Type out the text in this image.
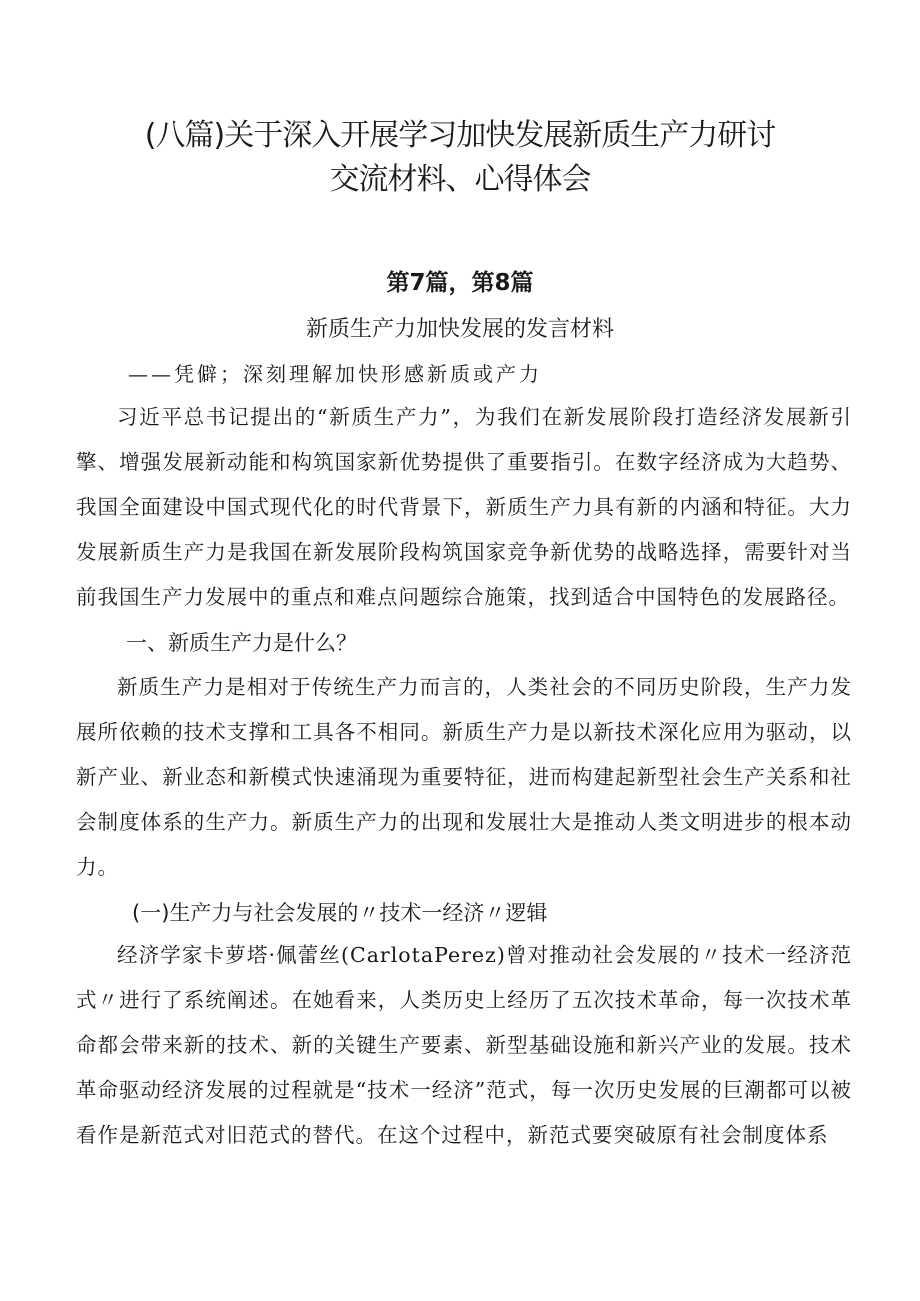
(八篇)关于深入开展学习加快发展新质生产力研讨
交流材料、心得体会

第7篇，第8篇

新质生产力加快发展的发言材料

——凭僻；深刻理解加快形感新质或产力

习近平总书记提出的“新质生产力”，为我们在新发展阶段打造经济发展新引擎、增强发展新动能和构筑国家新优势提供了重要指引。在数字经济成为大趋势、我国全面建设中国式现代化的时代背景下，新质生产力具有新的内涵和特征。大力发展新质生产力是我国在新发展阶段构筑国家竞争新优势的战略选择，需要针对当前我国生产力发展中的重点和难点问题综合施策，找到适合中国特色的发展路径。

一、新质生产力是什么？

新质生产力是相对于传统生产力而言的，人类社会的不同历史阶段，生产力发展所依赖的技术支撑和工具各不相同。新质生产力是以新技术深化应用为驱动，以新产业、新业态和新模式快速涌现为重要特征，进而构建起新型社会生产关系和社会制度体系的生产力。新质生产力的出现和发展壮大是推动人类文明进步的根本动力。

(一)生产力与社会发展的〃技术一经济〃逻辑

经济学家卡萝塔·佩蕾丝(CarlotaPerez)曾对推动社会发展的〃技术一经济范式〃进行了系统阐述。在她看来，人类历史上经历了五次技术革命，每一次技术革命都会带来新的技术、新的关键生产要素、新型基础设施和新兴产业的发展。技术革命驱动经济发展的过程就是“技术一经济”范式，每一次历史发展的巨潮都可以被看作是新范式对旧范式的替代。在这个过程中，新范式要突破原有社会制度体系
